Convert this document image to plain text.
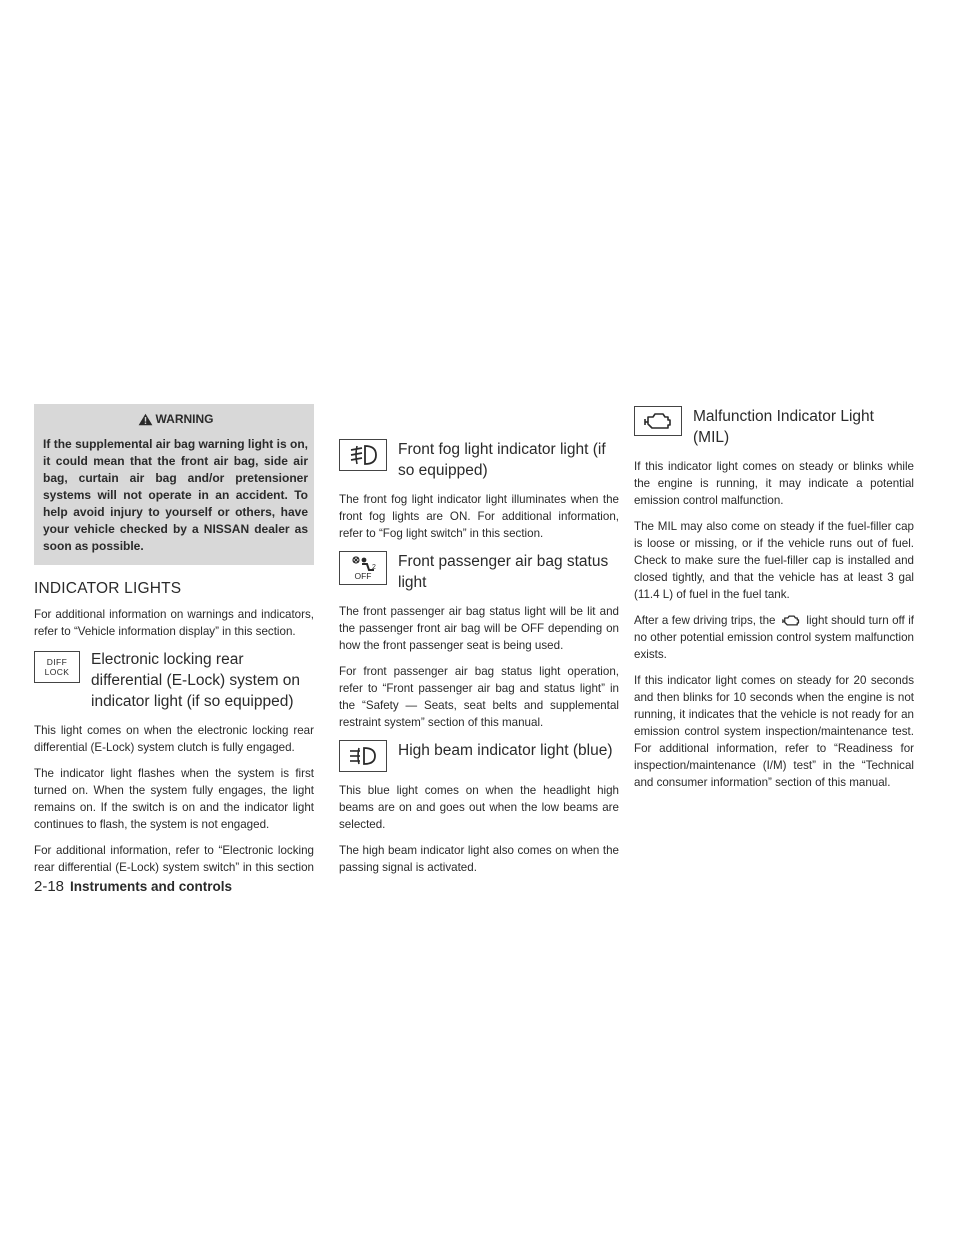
WARNING

If the supplemental air bag warning light is on, it could mean that the front air bag, side air bag, curtain air bag and/or pretensioner systems will not operate in an accident. To help avoid injury to yourself or others, have your vehicle checked by a NISSAN dealer as soon as possible.

INDICATOR LIGHTS

For additional information on warnings and indicators, refer to “Vehicle information display” in this section.

DIFF
LOCK
Electronic locking rear differential (E-Lock) system on indicator light (if so equipped)

This light comes on when the electronic locking rear differential (E-Lock) system clutch is fully engaged.

The indicator light flashes when the system is first turned on. When the system fully engages, the light remains on. If the switch is on and the indicator light continues to flash, the system is not engaged.

For additional information, refer to “Electronic locking rear differential (E-Lock) system switch” in this section

Front fog light indicator light (if so equipped)

The front fog light indicator light illuminates when the front fog lights are ON. For additional information, refer to “Fog light switch” in this section.

2
OFF
Front passenger air bag status light

The front passenger air bag status light will be lit and the passenger front air bag will be OFF depending on how the front passenger seat is being used.

For front passenger air bag status light operation, refer to “Front passenger air bag and status light” in the “Safety — Seats, seat belts and supplemental restraint system” section of this manual.

High beam indicator light (blue)

This blue light comes on when the headlight high beams are on and goes out when the low beams are selected.

The high beam indicator light also comes on when the passing signal is activated.

Malfunction Indicator Light (MIL)

If this indicator light comes on steady or blinks while the engine is running, it may indicate a potential emission control malfunction.

The MIL may also come on steady if the fuel-filler cap is loose or missing, or if the vehicle runs out of fuel. Check to make sure the fuel-filler cap is installed and closed tightly, and that the vehicle has at least 3 gal (11.4 L) of fuel in the fuel tank.

After a few driving trips, the	light should turn off if no other potential emission control system malfunction exists.

If this indicator light comes on steady for 20 seconds and then blinks for 10 seconds when the engine is not running, it indicates that the vehicle is not ready for an emission control system inspection/maintenance test. For additional information, refer to “Readiness for inspection/maintenance (I/M) test” in the “Technical and consumer information” section of this manual.

2-18 Instruments and controls
